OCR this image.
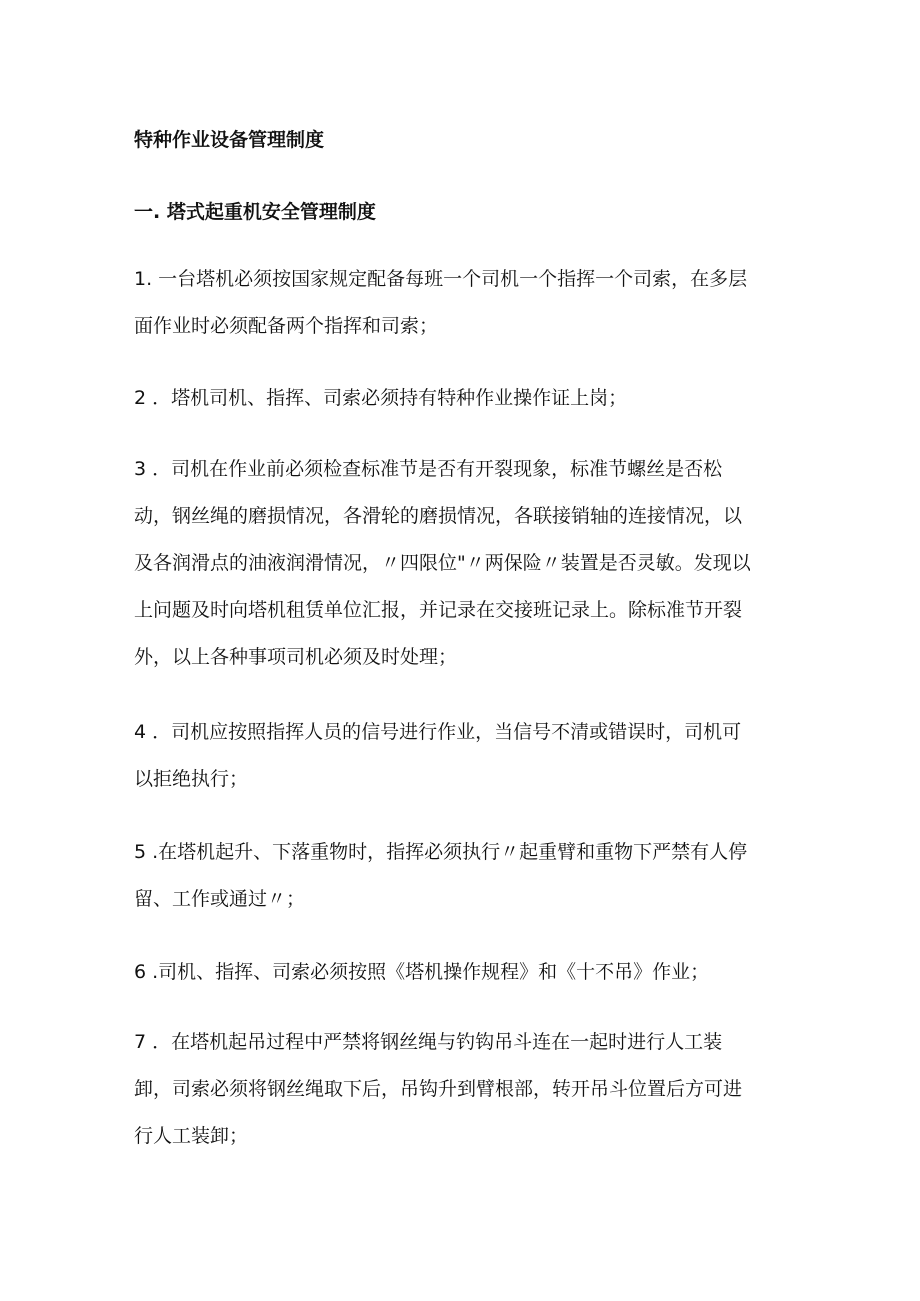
特种作业设备管理制度
一. 塔式起重机安全管理制度
1. 一台塔机必须按国家规定配备每班一个司机一个指挥一个司索，在多层
面作业时必须配备两个指挥和司索；
2 ．塔机司机、指挥、司索必须持有特种作业操作证上岗；
3 ．司机在作业前必须检查标准节是否有开裂现象，标准节螺丝是否松
动，钢丝绳的磨损情况，各滑轮的磨损情况，各联接销轴的连接情况，以
及各润滑点的油液润滑情况，〃四限位"〃两保险〃装置是否灵敏。发现以
上问题及时向塔机租赁单位汇报，并记录在交接班记录上。除标准节开裂
外，以上各种事项司机必须及时处理；
4 ．司机应按照指挥人员的信号进行作业，当信号不清或错误时，司机可
以拒绝执行；
5 .在塔机起升、下落重物时，指挥必须执行〃起重臂和重物下严禁有人停
留、工作或通过〃；
6 .司机、指挥、司索必须按照《塔机操作规程》和《十不吊》作业；
7 ．在塔机起吊过程中严禁将钢丝绳与钓钩吊斗连在一起时进行人工装
卸，司索必须将钢丝绳取下后，吊钩升到臂根部，转开吊斗位置后方可进
行人工装卸；
